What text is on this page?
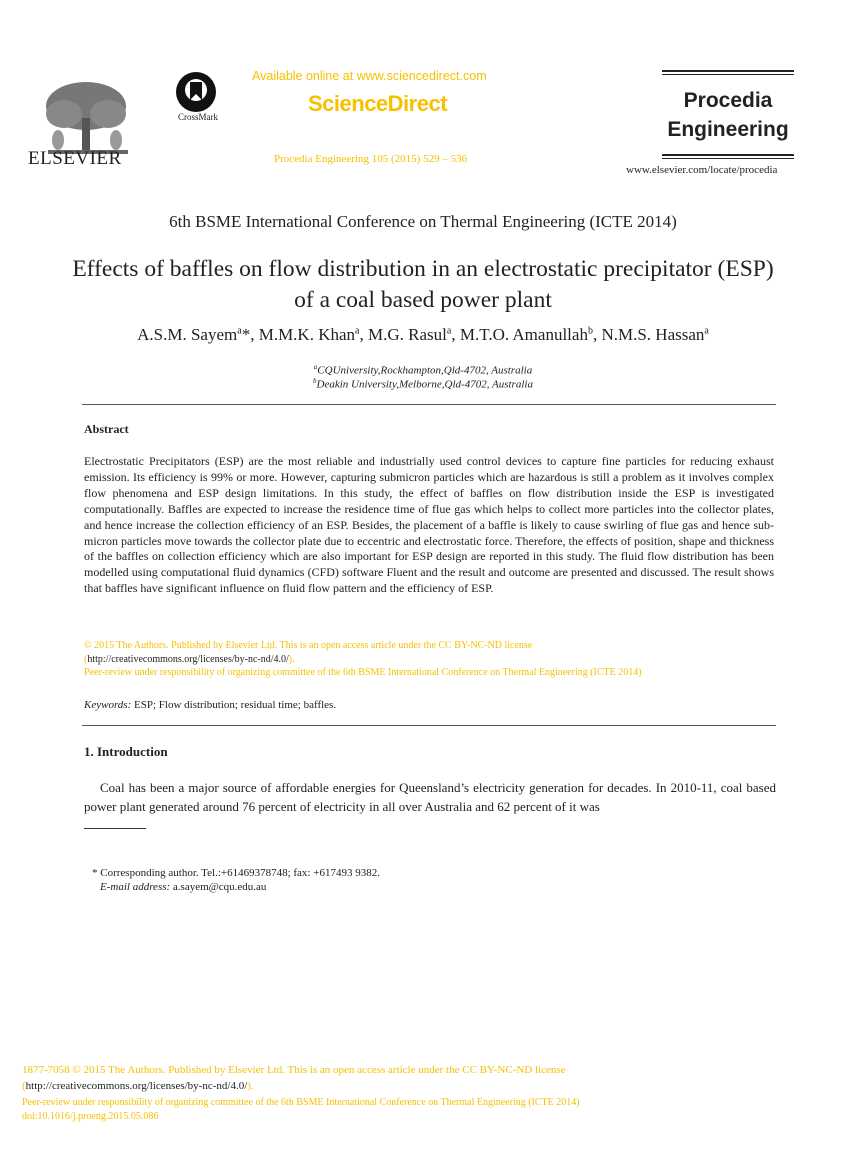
ELSEVIER
CrossMark
Available online at www.sciencedirect.com
ScienceDirect
Procedia Engineering 105 (2015) 529 – 536
Procedia
Engineering
www.elsevier.com/locate/procedia
6th BSME International Conference on Thermal Engineering (ICTE 2014)
Effects of baffles on flow distribution in an electrostatic precipitator (ESP) of a coal based power plant
A.S.M. Sayem$^a$*, M.M.K. Khan$^a$, M.G. Rasul$^a$, M.T.O. Amanullah$^b$, N.M.S. Hassan$^a$
$^a$CQUniversity,Rockhampton,Qld-4702, Australia
$^b$Deakin University,Melborne,Qld-4702, Australia
Abstract
Electrostatic Precipitators (ESP) are the most reliable and industrially used control devices to capture fine particles for reducing exhaust emission. Its efficiency is 99% or more. However, capturing submicron particles which are hazardous is still a problem as it involves complex flow phenomena and ESP design limitations. In this study, the effect of baffles on flow distribution inside the ESP is investigated computationally. Baffles are expected to increase the residence time of flue gas which helps to collect more particles into the collector plates, and hence increase the collection efficiency of an ESP. Besides, the placement of a baffle is likely to cause swirling of flue gas and hence sub-micron particles move towards the collector plate due to eccentric and electrostatic force. Therefore, the effects of position, shape and thickness of the baffles on collection efficiency which are also important for ESP design are reported in this study. The fluid flow distribution has been modelled using computational fluid dynamics (CFD) software Fluent and the result and outcome are presented and discussed. The result shows that baffles have significant influence on fluid flow pattern and the efficiency of ESP.
© 2015 The Authors. Published by Elsevier Ltd. This is an open access article under the CC BY-NC-ND license
(http://creativecommons.org/licenses/by-nc-nd/4.0/).
Peer-review under responsibility of organizing committee of the 6th BSME International Conference on Thermal Engineering (ICTE 2014)
Keywords: ESP; Flow distribution; residual time; baffles.
1. Introduction
Coal has been a major source of affordable energies for Queensland’s electricity generation for decades. In 2010-11, coal based power plant generated around 76 percent of electricity in all over Australia and 62 percent of it was
* Corresponding author. Tel.:+61469378748; fax: +617493 9382.
E-mail address: a.sayem@cqu.edu.au
1877-7058 © 2015 The Authors. Published by Elsevier Ltd. This is an open access article under the CC BY-NC-ND license
(http://creativecommons.org/licenses/by-nc-nd/4.0/).
Peer-review under responsibility of organizing committee of the 6th BSME International Conference on Thermal Engineering (ICTE 2014)
doi:10.1016/j.proeng.2015.05.086
